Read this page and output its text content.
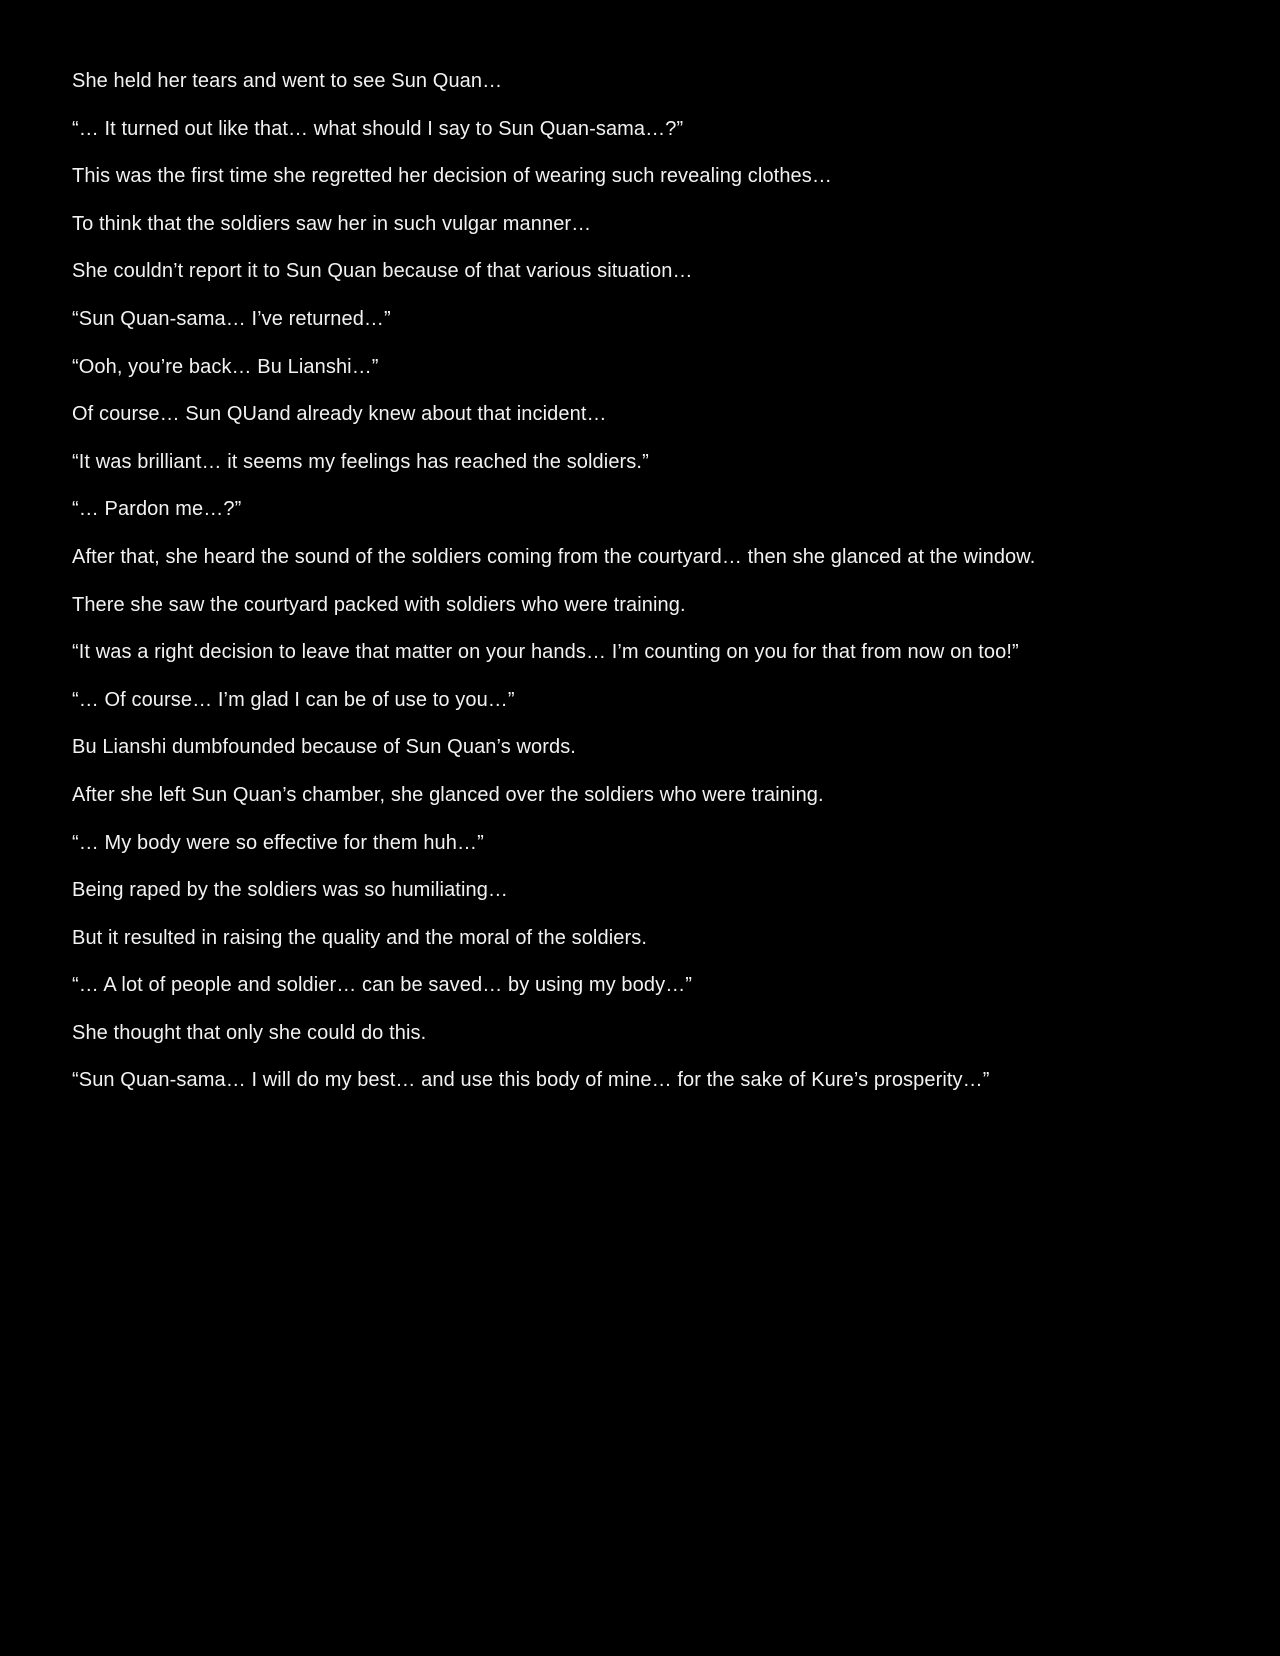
She held her tears and went to see Sun Quan…

“… It turned out like that… what should I say to Sun Quan-sama…?”

This was the first time she regretted her decision of wearing such revealing clothes…

To think that the soldiers saw her in such vulgar manner…

She couldn’t report it to Sun Quan because of that various situation…

“Sun Quan-sama… I’ve returned…”

“Ooh, you’re back… Bu Lianshi…”

Of course… Sun QUand already knew about that incident…

“It was brilliant… it seems my feelings has reached the soldiers.”

“… Pardon me…?”

After that, she heard the sound of the soldiers coming from the courtyard… then she glanced at the window.

There she saw the courtyard packed with soldiers who were training.

“It was a right decision to leave that matter on your hands… I’m counting on you for that from now on too!”

“… Of course… I’m glad I can be of use to you…”

Bu Lianshi dumbfounded because of Sun Quan’s words.

After she left Sun Quan’s chamber, she glanced over the soldiers who were training.

“… My body were so effective for them huh…”

Being raped by the soldiers was so humiliating…

But it resulted in raising the quality and the moral of the soldiers.

“… A lot of people and soldier… can be saved… by using my body…”

She thought that only she could do this.

“Sun Quan-sama… I will do my best… and use this body of mine… for the sake of Kure’s prosperity…”
